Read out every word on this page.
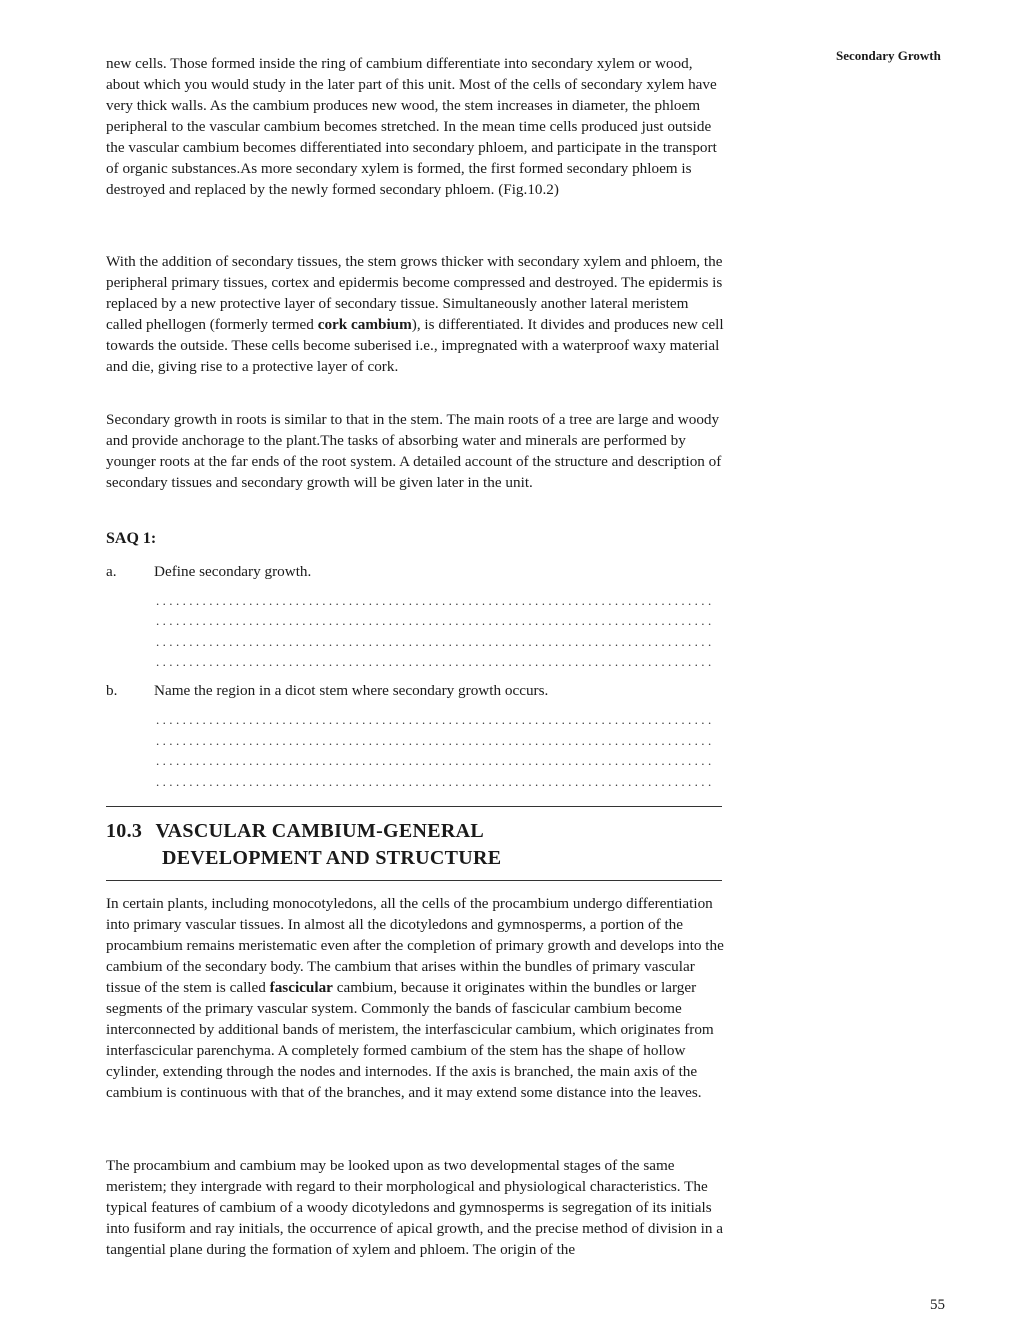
Secondary Growth

new cells. Those formed inside the ring of cambium differentiate into secondary xylem or wood, about which you would study in the later part of this unit. Most of the cells of secondary xylem have very thick walls. As the cambium produces new wood, the stem increases in diameter, the phloem peripheral to the vascular cambium becomes stretched. In the mean time cells produced just outside the vascular cambium becomes differentiated into secondary phloem, and participate in the transport of organic substances.As more secondary xylem is formed, the first formed secondary phloem is destroyed and replaced by the newly formed secondary phloem. (Fig.10.2)

With the addition of secondary tissues, the stem grows thicker with secondary xylem and phloem, the peripheral primary tissues, cortex and epidermis become compressed and destroyed. The epidermis is replaced by a new protective layer of secondary tissue. Simultaneously another lateral meristem called phellogen (formerly termed cork cambium), is differentiated. It divides and produces new cell towards the outside. These cells become suberised i.e., impregnated with a waterproof waxy material and die, giving rise to a protective layer of cork.

Secondary growth in roots is similar to that in the stem. The main roots of a tree are large and woody and provide anchorage to the plant.The tasks of absorbing water and minerals are performed by younger roots at the far ends of the root system. A detailed account of the structure and description of secondary tissues and secondary growth will be given later in the unit.

SAQ 1:
a. Define secondary growth.
....................................................................................
....................................................................................
....................................................................................
....................................................................................
b. Name the region in a dicot stem where secondary growth occurs.
....................................................................................
....................................................................................
....................................................................................
....................................................................................
10.3 VASCULAR CAMBIUM-GENERAL
DEVELOPMENT AND STRUCTURE

In certain plants, including monocotyledons, all the cells of the procambium undergo differentiation into primary vascular tissues. In almost all the dicotyledons and gymnosperms, a portion of the procambium remains meristematic even after the completion of primary growth and develops into the cambium of the secondary body. The cambium that arises within the bundles of primary vascular tissue of the stem is called fascicular cambium, because it originates within the bundles or larger segments of the primary vascular system. Commonly the bands of fascicular cambium become interconnected by additional bands of meristem, the interfascicular cambium, which originates from interfascicular parenchyma. A completely formed cambium of the stem has the shape of hollow cylinder, extending through the nodes and internodes. If the axis is branched, the main axis of the cambium is continuous with that of the branches, and it may extend some distance into the leaves.

The procambium and cambium may be looked upon as two developmental stages of the same meristem; they intergrade with regard to their morphological and physiological characteristics. The typical features of cambium of a woody dicotyledons and gymnosperms is segregation of its initials into fusiform and ray initials, the occurrence of apical growth, and the precise method of division in a tangential plane during the formation of xylem and phloem. The origin of the

55
